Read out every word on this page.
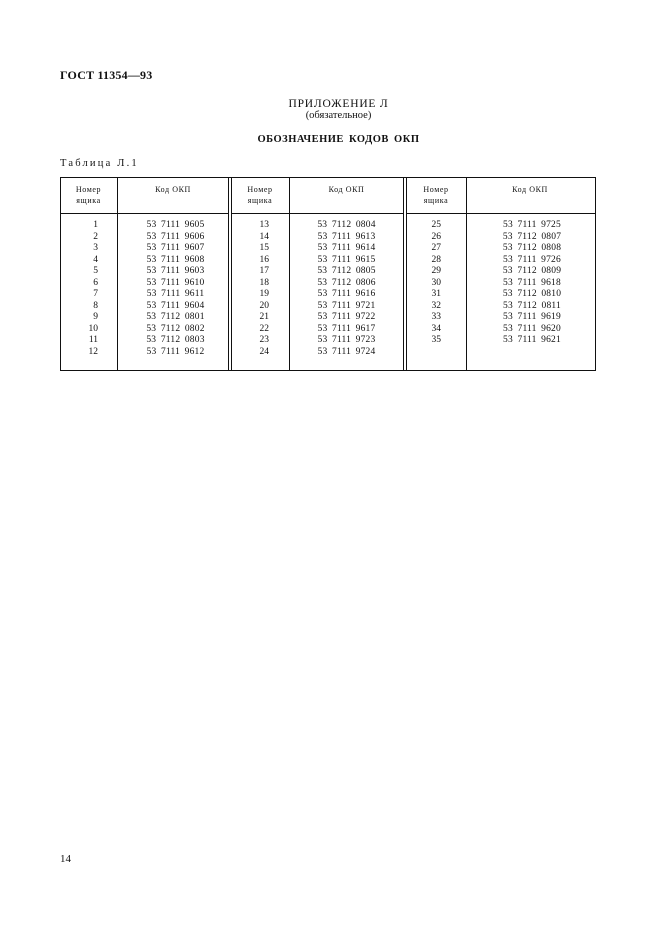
ГОСТ 11354—93
ПРИЛОЖЕНИЕ Л
(обязательное)
ОБОЗНАЧЕНИЕ КОДОВ ОКП
Таблица Л.1
Номер
ящика
Код ОКП
1
2
3
4
5
6
7
8
9
10
11
12
53 7111 9605
53 7111 9606
53 7111 9607
53 7111 9608
53 7111 9603
53 7111 9610
53 7111 9611
53 7111 9604
53 7112 0801
53 7112 0802
53 7112 0803
53 7111 9612
Номер
ящика
Код ОКП
13
14
15
16
17
18
19
20
21
22
23
24
53 7112 0804
53 7111 9613
53 7111 9614
53 7111 9615
53 7112 0805
53 7112 0806
53 7111 9616
53 7111 9721
53 7111 9722
53 7111 9617
53 7111 9723
53 7111 9724
Номер
ящика
Код ОКП
25
26
27
28
29
30
31
32
33
34
35
53 7111 9725
53 7112 0807
53 7112 0808
53 7111 9726
53 7112 0809
53 7111 9618
53 7112 0810
53 7112 0811
53 7111 9619
53 7111 9620
53 7111 9621
14
